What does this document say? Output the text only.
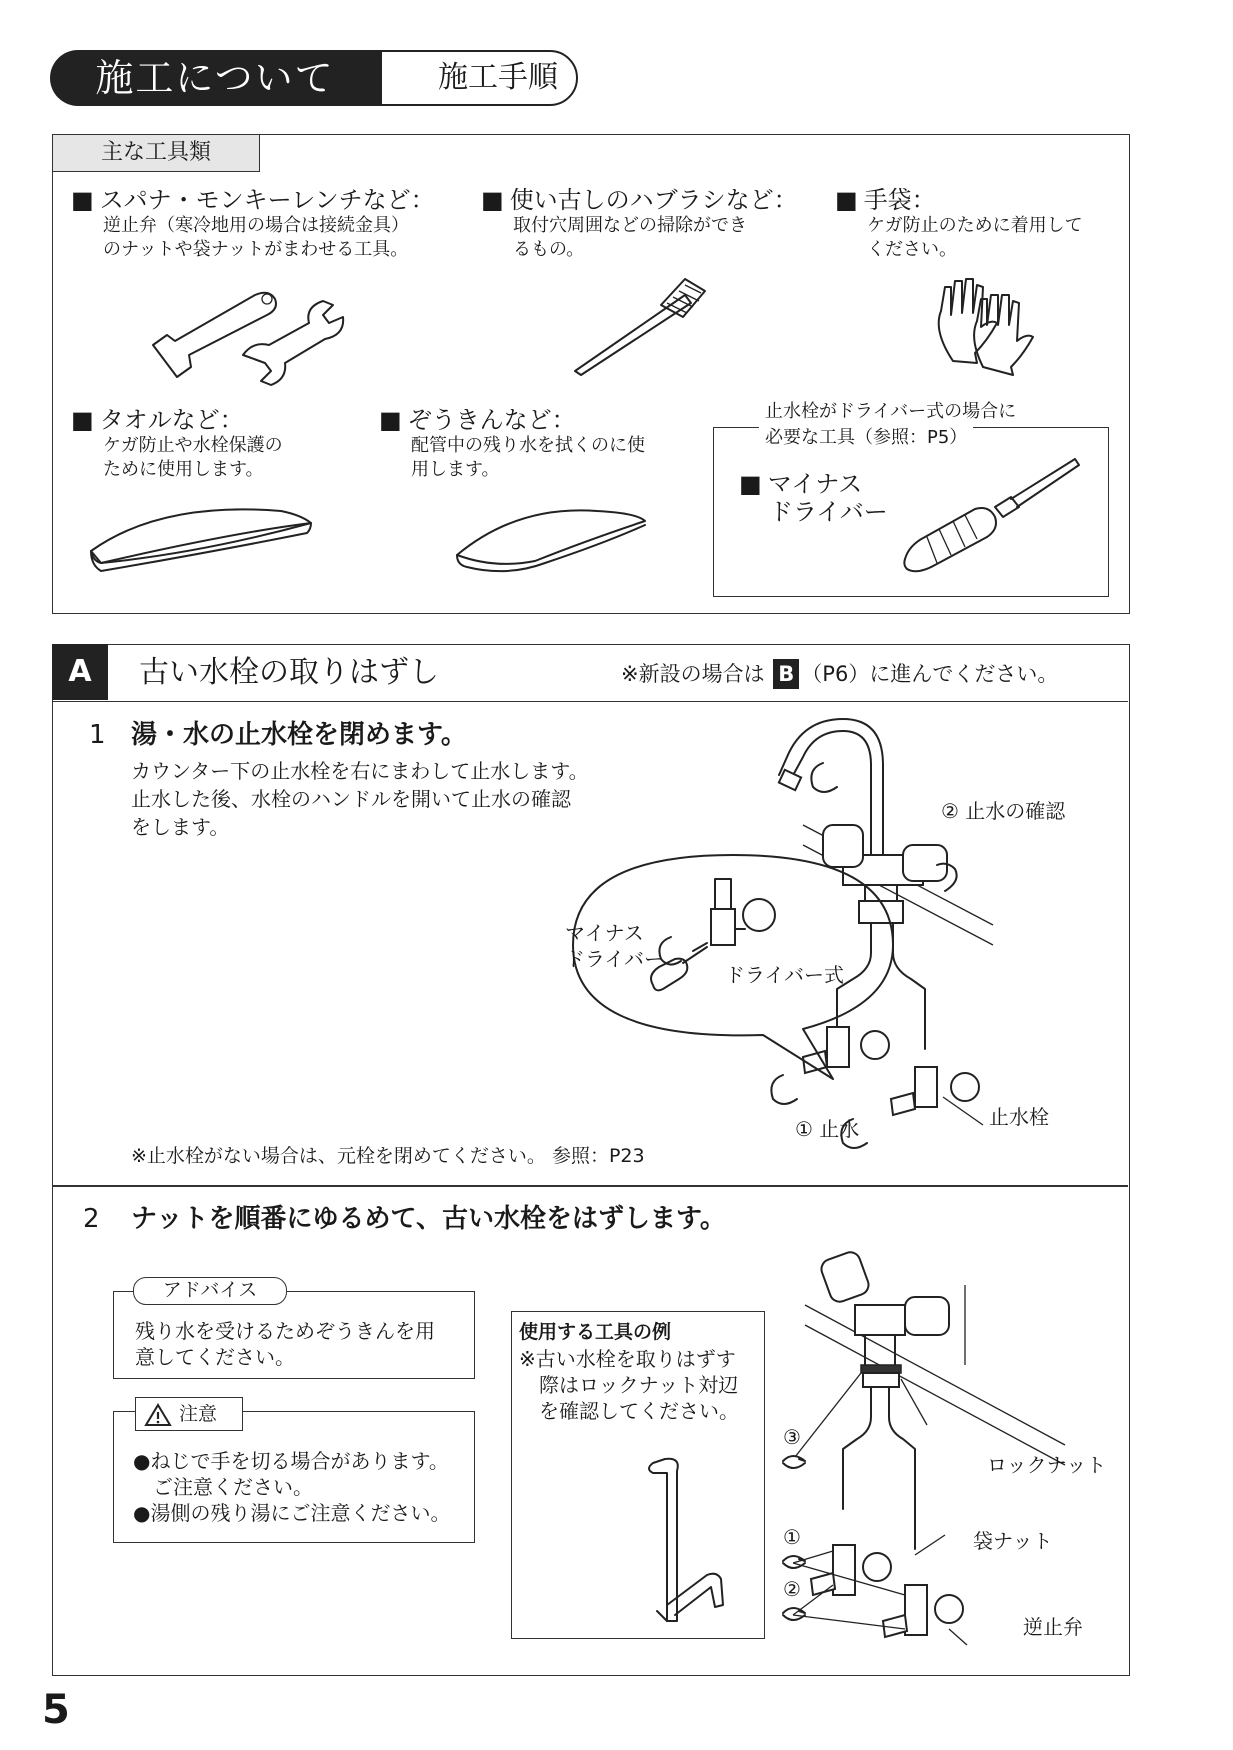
施工について	施工手順
主な工具類
■ スパナ・モンキーレンチなど：
逆止弁（寒冷地用の場合は接続金具）
のナットや袋ナットがまわせる工具。
■ 使い古しのハブラシなど：
取付穴周囲などの掃除ができ
るもの。
■ 手袋：
ケガ防止のために着用して
ください。
■ タオルなど：
ケガ防止や水栓保護の
ために使用します。
■ ぞうきんなど：
配管中の残り水を拭くのに使
用します。
止水栓がドライバー式の場合に
必要な工具（参照：P5）
■ マイナス
ドライバー
A	古い水栓の取りはずし	※新設の場合は B （P6）に進んでください。
1 湯・水の止水栓を閉めます。
カウンター下の止水栓を右にまわして止水します。
止水した後、水栓のハンドルを開いて止水の確認
をします。
※止水栓がない場合は、元栓を閉めてください。 参照：P23
② 止水の確認
マイナス
ドライバー
ドライバー式
① 止水	止水栓
2 ナットを順番にゆるめて、古い水栓をはずします。
アドバイス
残り水を受けるためぞうきんを用
意してください。
注意
●ねじで手を切る場合があります。
　ご注意ください。
●湯側の残り湯にご注意ください。
使用する工具の例
※古い水栓を取りはずす
　際はロックナット対辺
　を確認してください。
③
①
②
ロックナット
袋ナット
逆止弁
5
